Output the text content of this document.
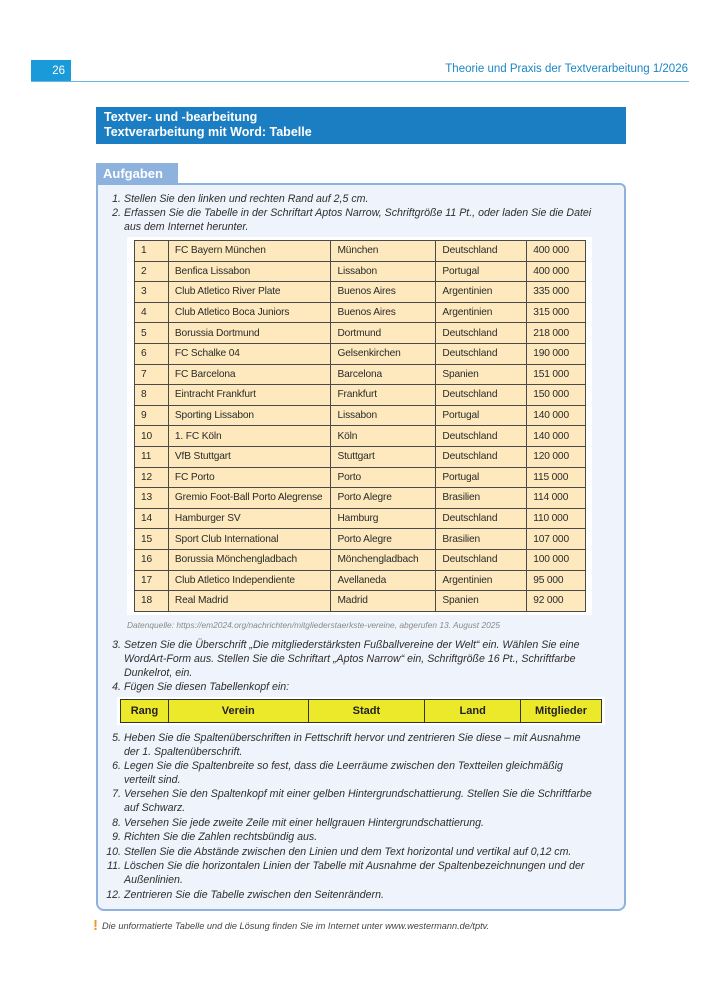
26	Theorie und Praxis der Textverarbeitung 1/2026
Textver- und -bearbeitung
Textverarbeitung mit Word: Tabelle
Aufgaben
1. Stellen Sie den linken und rechten Rand auf 2,5 cm.
2. Erfassen Sie die Tabelle in der Schriftart Aptos Narrow, Schriftgröße 11 Pt., oder laden Sie die Datei
aus dem Internet herunter.
1	FC Bayern München	München	Deutschland	400 000
2	Benfica Lissabon	Lissabon	Portugal	400 000
3	Club Atletico River Plate	Buenos Aires	Argentinien	335 000
4	Club Atletico Boca Juniors	Buenos Aires	Argentinien	315 000
5	Borussia Dortmund	Dortmund	Deutschland	218 000
6	FC Schalke 04	Gelsenkirchen	Deutschland	190 000
7	FC Barcelona	Barcelona	Spanien	151 000
8	Eintracht Frankfurt	Frankfurt	Deutschland	150 000
9	Sporting Lissabon	Lissabon	Portugal	140 000
10	1. FC Köln	Köln	Deutschland	140 000
11	VfB Stuttgart	Stuttgart	Deutschland	120 000
12	FC Porto	Porto	Portugal	115 000
13	Gremio Foot-Ball Porto Alegrense	Porto Alegre	Brasilien	114 000
14	Hamburger SV	Hamburg	Deutschland	110 000
15	Sport Club International	Porto Alegre	Brasilien	107 000
16	Borussia Mönchengladbach	Mönchengladbach	Deutschland	100 000
17	Club Atletico Independiente	Avellaneda	Argentinien	95 000
18	Real Madrid	Madrid	Spanien	92 000
Datenquelle: https://em2024.org/nachrichten/mitgliederstaerkste-vereine, abgerufen 13. August 2025
3. Setzen Sie die Überschrift „Die mitgliederstärksten Fußballvereine der Welt“ ein. Wählen Sie eine
WordArt-Form aus. Stellen Sie die Schriftart „Aptos Narrow“ ein, Schriftgröße 16 Pt., Schriftfarbe
Dunkelrot, ein.
4. Fügen Sie diesen Tabellenkopf ein:
Rang	Verein	Stadt	Land	Mitglieder
5. Heben Sie die Spaltenüberschriften in Fettschrift hervor und zentrieren Sie diese – mit Ausnahme
der 1. Spaltenüberschrift.
6. Legen Sie die Spaltenbreite so fest, dass die Leerräume zwischen den Textteilen gleichmäßig
verteilt sind.
7. Versehen Sie den Spaltenkopf mit einer gelben Hintergrundschattierung. Stellen Sie die Schriftfarbe
auf Schwarz.
8. Versehen Sie jede zweite Zeile mit einer hellgrauen Hintergrundschattierung.
9. Richten Sie die Zahlen rechtsbündig aus.
10. Stellen Sie die Abstände zwischen den Linien und dem Text horizontal und vertikal auf 0,12 cm.
11. Löschen Sie die horizontalen Linien der Tabelle mit Ausnahme der Spaltenbezeichnungen und der
Außenlinien.
12. Zentrieren Sie die Tabelle zwischen den Seitenrändern.
! Die unformatierte Tabelle und die Lösung finden Sie im Internet unter www.westermann.de/tptv.
